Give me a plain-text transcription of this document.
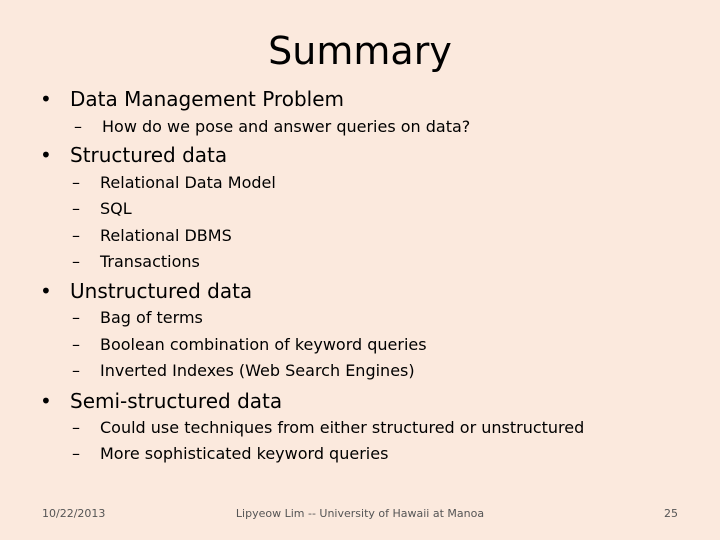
Summary
• Data Management Problem
– How do we pose and answer queries on data?
• Structured data
– Relational Data Model
– SQL
– Relational DBMS
– Transactions
• Unstructured data
– Bag of terms
– Boolean combination of keyword queries
– Inverted Indexes (Web Search Engines)
• Semi-structured data
– Could use techniques from either structured or unstructured
– More sophisticated keyword queries
10/22/2013	Lipyeow Lim -- University of Hawaii at Manoa	25
